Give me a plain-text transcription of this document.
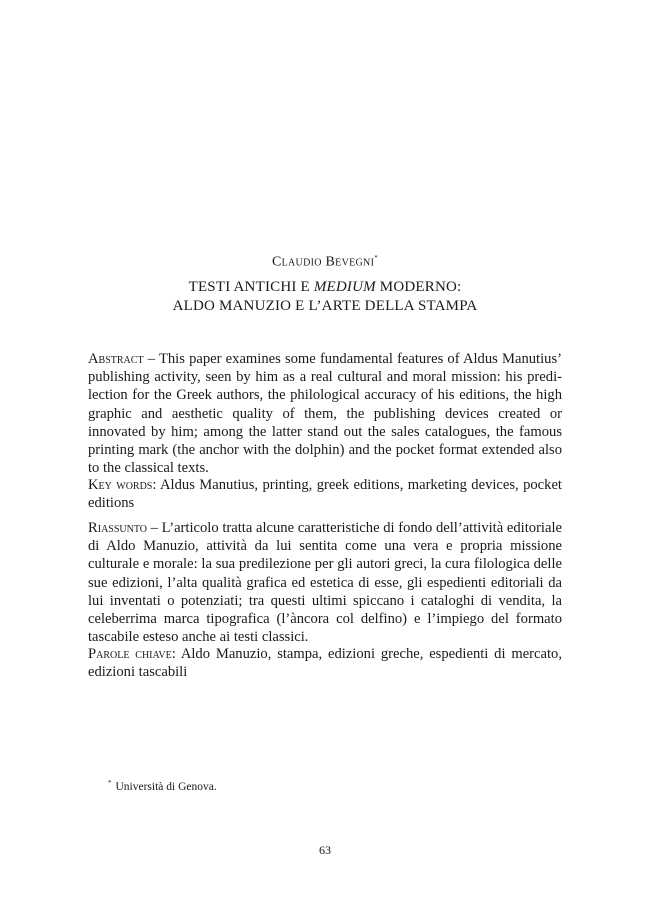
Claudio Bevegni*
TESTI ANTICHI E MEDIUM MODERNO:
ALDO MANUZIO E L’ARTE DELLA STAMPA
Abstract – This paper examines some fundamental features of Aldus Manutius’ publishing activity, seen by him as a real cultural and moral mission: his predilection for the Greek authors, the philological accuracy of his editions, the high graphic and aesthetic quality of them, the publishing devices created or innovated by him; among the latter stand out the sales catalogues, the famous printing mark (the anchor with the dolphin) and the pocket format extended also to the classical texts.
Key words: Aldus Manutius, printing, greek editions, marketing devices, pocket editions
Riassunto – L’articolo tratta alcune caratteristiche di fondo dell’attività editoriale di Aldo Manuzio, attività da lui sentita come una vera e propria missione culturale e morale: la sua predilezione per gli autori greci, la cura filologica delle sue edizioni, l’alta qualità grafica ed estetica di esse, gli espedienti editoriali da lui inventati o potenziati; tra questi ultimi spiccano i cataloghi di vendita, la celeberrima marca tipografica (l’àncora col delfino) e l’impiego del formato tascabile esteso anche ai testi classici.
Parole chiave: Aldo Manuzio, stampa, edizioni greche, espedienti di mercato, edizioni tascabili
* Università di Genova.
63
